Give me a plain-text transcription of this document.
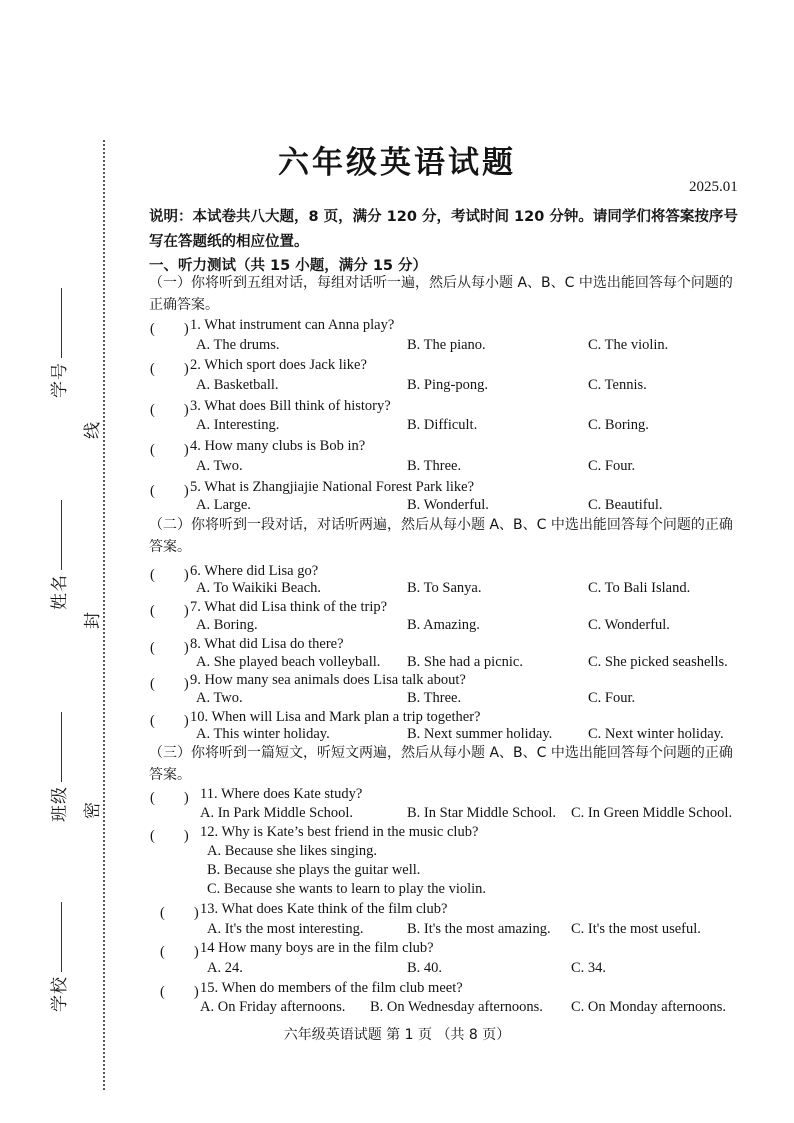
学号
姓名
班级
学校
线
封
密
六年级英语试题
2025.01
说明：本试卷共八大题，8 页，满分 120 分，考试时间 120 分钟。请同学们将答案按序号写在答题纸的相应位置。
一、听力测试（共 15 小题，满分 15 分）
（一）你将听到五组对话，每组对话听一遍，然后从每小题 A、B、C 中选出能回答每个问题的正确答案。
(　　) 1. What instrument can Anna play?
A. The drums.	B. The piano.	C. The violin.
(　　) 2. Which sport does Jack like?
A. Basketball.	B. Ping-pong.	C. Tennis.
(　　) 3. What does Bill think of history?
A. Interesting.	B. Difficult.	C. Boring.
(　　) 4. How many clubs is Bob in?
A. Two.	B. Three.	C. Four.
(　　) 5. What is Zhangjiajie National Forest Park like?
A. Large.	B. Wonderful.	C. Beautiful.
(　　) 6. Where did Lisa go?
A. To Waikiki Beach.	B. To Sanya.	C. To Bali Island.
(　　) 7. What did Lisa think of the trip?
A. Boring.	B. Amazing.	C. Wonderful.
(　　) 8. What did Lisa do there?
A. She played beach volleyball. B. She had a picnic.	C. She picked seashells.
(　　) 9. How many sea animals does Lisa talk about?
A. Two.	B. Three.	C. Four.
(　　) 10. When will Lisa and Mark plan a trip together?
A. This winter holiday.	B. Next summer holiday. C. Next winter holiday.
(　　) 11. Where does Kate study?
A. In Park Middle School.	B. In Star Middle School. C. In Green Middle School.
(　　) 12. Why is Kate’s best friend in the music club?
A. Because she likes singing.
B. Because she plays the guitar well.
C. Because she wants to learn to play the violin.
(　　) 13. What does Kate think of the film club?
A. It's the most interesting.	B. It's the most amazing. C. It's the most useful.
(　　) 14 How many boys are in the film club?
A. 24.	B. 40.	C. 34.
(　　) 15. When do members of the film club meet?
A. On Friday afternoons. B. On Wednesday afternoons. C. On Monday afternoons.
（二）你将听到一段对话，对话听两遍，然后从每小题 A、B、C 中选出能回答每个问题的正确答案。
（三）你将听到一篇短文，听短文两遍，然后从每小题 A、B、C 中选出能回答每个问题的正确答案。
六年级英语试题 第 1 页 （共 8 页）
